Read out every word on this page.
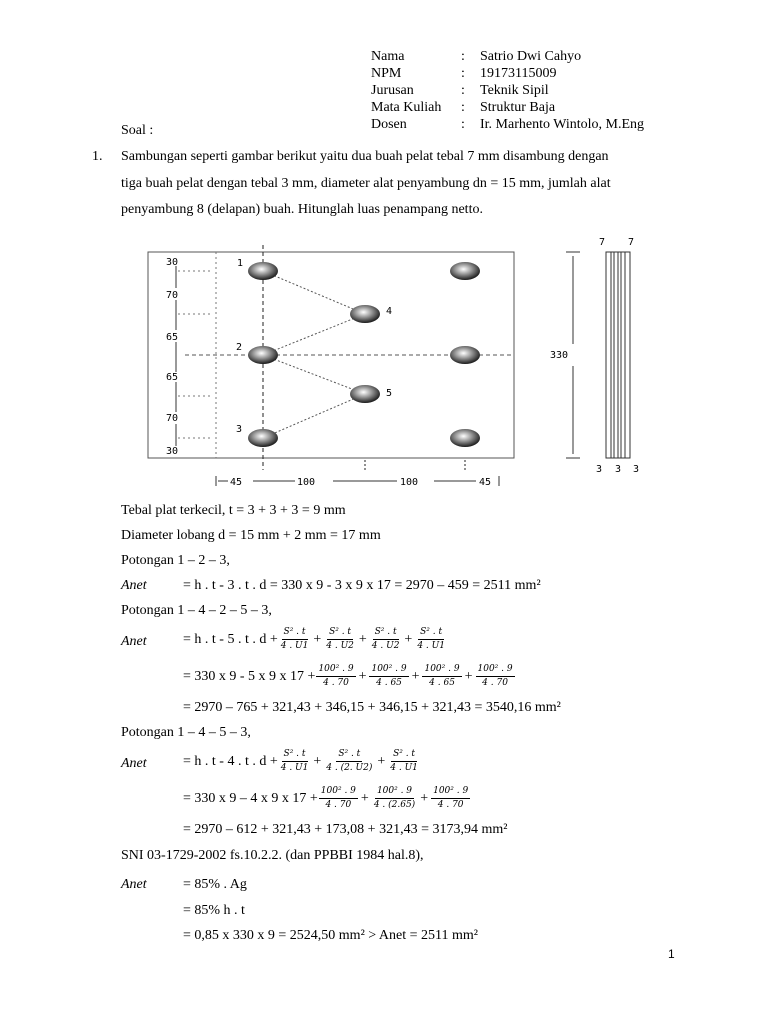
Nama	: Satrio Dwi Cahyo
NPM	: 19173115009
Jurusan	: Teknik Sipil
Mata Kuliah : Struktur Baja
Dosen	: Ir. Marhento Wintolo, M.Eng
Soal :
1. Sambungan seperti gambar berikut yaitu dua buah pelat tebal 7 mm disambung dengan
tiga buah pelat dengan tebal 3 mm, diameter alat penyambung dn = 15 mm, jumlah alat
penyambung 8 (delapan) buah. Hitunglah luas penampang netto.
30
70
65
65
70
30
1
2
3
4
5
45	100	100	45
330
7 7
3 3 3
Tebal plat terkecil, t = 3 + 3 + 3 = 9 mm
Diameter lobang d = 15 mm + 2 mm = 17 mm
Potongan 1 – 2 – 3,
Anet	= h . t - 3 . t . d = 330 x 9 - 3 x 9 x 17 = 2970 – 459 = 2511 mm²
Potongan 1 – 4 – 2 – 5 – 3,
Anet	= h . t - 5 . t . $d + \frac{\text{S² . t}}{4 . U1} + \frac{\text{S² . t}}{4 . U2} + \frac{\text{S² . t}}{4 . U2} + \frac{\text{S² . t}}{4 . U1}$
= 330 x 9 - 5 x 9 x $17 + \frac{\text{100² . 9}}{4 . 70} + \frac{\text{100² . 9}}{4 . 65} + \frac{\text{100² . 9}}{4 . 65} + \frac{\text{100² . 9}}{4 . 70}$
= 2970 – 765 + 321,43 + 346,15 + 346,15 + 321,43 = 3540,16 mm²
Potongan 1 – 4 – 5 – 3,
Anet	= h . t - 4 . t . $d + \frac{\text{S² . t}}{4 . U1} + \frac{\text{S² . t}}{4 . (2. U2)} + \frac{\text{S² . t}}{4 . U1}$
= 330 x 9 – 4 x 9 x $17 + \frac{\text{100² . 9}}{4 . 70} + \frac{\text{100² . 9}}{4 . (2.65)} + \frac{\text{100² . 9}}{4 . 70}$
= 2970 – 612 + 321,43 + 173,08 + 321,43 = 3173,94 mm²
SNI 03-1729-2002 fs.10.2.2. (dan PPBBI 1984 hal.8),
Anet	= 85% . Ag
= 85% h . t
= 0,85 x 330 x 9 = 2524,50 mm² > Anet = 2511 mm²
1
